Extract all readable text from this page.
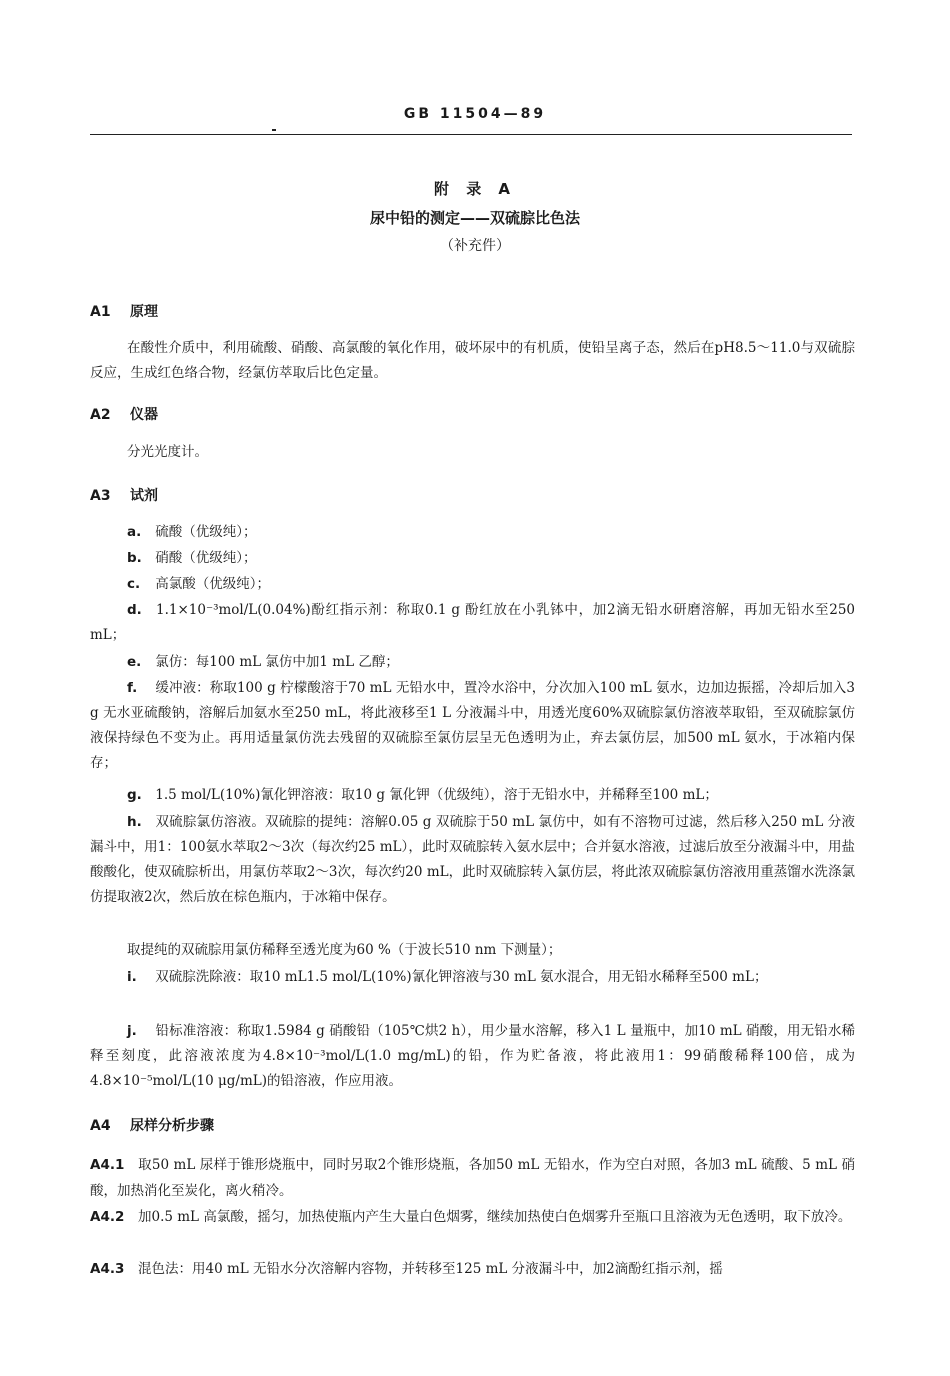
GB 11504—89
附 录 A
尿中铅的测定——双硫腙比色法
（补充件）
A1 原理
在酸性介质中，利用硫酸、硝酸、高氯酸的氧化作用，破坏尿中的有机质，使铅呈离子态，然后在pH8.5～11.0与双硫腙反应，生成红色络合物，经氯仿萃取后比色定量。
A2 仪器
分光光度计。
A3 试剂
a. 硫酸（优级纯）；
b. 硝酸（优级纯）；
c. 高氯酸（优级纯）；
d. 1.1×10⁻³mol/L(0.04%)酚红指示剂：称取0.1 g 酚红放在小乳钵中，加2滴无铅水研磨溶解，再加无铅水至250 mL；
e. 氯仿：每100 mL 氯仿中加1 mL 乙醇；
f. 缓冲液：称取100 g 柠檬酸溶于70 mL 无铅水中，置冷水浴中，分次加入100 mL 氨水，边加边振摇，冷却后加入3 g 无水亚硫酸钠，溶解后加氨水至250 mL，将此液移至1 L 分液漏斗中，用透光度60%双硫腙氯仿溶液萃取铅，至双硫腙氯仿液保持绿色不变为止。再用适量氯仿洗去残留的双硫腙至氯仿层呈无色透明为止，弃去氯仿层，加500 mL 氨水，于冰箱内保存；
g. 1.5 mol/L(10%)氰化钾溶液：取10 g 氰化钾（优级纯），溶于无铅水中，并稀释至100 mL；
h. 双硫腙氯仿溶液。双硫腙的提纯：溶解0.05 g 双硫腙于50 mL 氯仿中，如有不溶物可过滤，然后移入250 mL 分液漏斗中，用1：100氨水萃取2～3次（每次约25 mL），此时双硫腙转入氨水层中；合并氨水溶液，过滤后放至分液漏斗中，用盐酸酸化，使双硫腙析出，用氯仿萃取2～3次，每次约20 mL，此时双硫腙转入氯仿层，将此浓双硫腙氯仿溶液用重蒸馏水洗涤氯仿提取液2次，然后放在棕色瓶内，于冰箱中保存。
取提纯的双硫腙用氯仿稀释至透光度为60 %（于波长510 nm 下测量）；
i. 双硫腙洗除液：取10 mL1.5 mol/L(10%)氰化钾溶液与30 mL 氨水混合，用无铅水稀释至500 mL；
j. 铅标准溶液：称取1.5984 g 硝酸铅（105℃烘2 h），用少量水溶解，移入1 L 量瓶中，加10 mL 硝酸，用无铅水稀释至刻度，此溶液浓度为4.8×10⁻³mol/L(1.0 mg/mL)的铅，作为贮备液，将此液用1：99硝酸稀释100倍，成为4.8×10⁻⁵mol/L(10 μg/mL)的铅溶液，作应用液。
A4 尿样分析步骤
A4.1 取50 mL 尿样于锥形烧瓶中，同时另取2个锥形烧瓶，各加50 mL 无铅水，作为空白对照，各加3 mL 硫酸、5 mL 硝酸，加热消化至炭化，离火稍冷。
A4.2 加0.5 mL 高氯酸，摇匀，加热使瓶内产生大量白色烟雾，继续加热使白色烟雾升至瓶口且溶液为无色透明，取下放冷。
A4.3 混色法：用40 mL 无铅水分次溶解内容物，并转移至125 mL 分液漏斗中，加2滴酚红指示剂，摇
